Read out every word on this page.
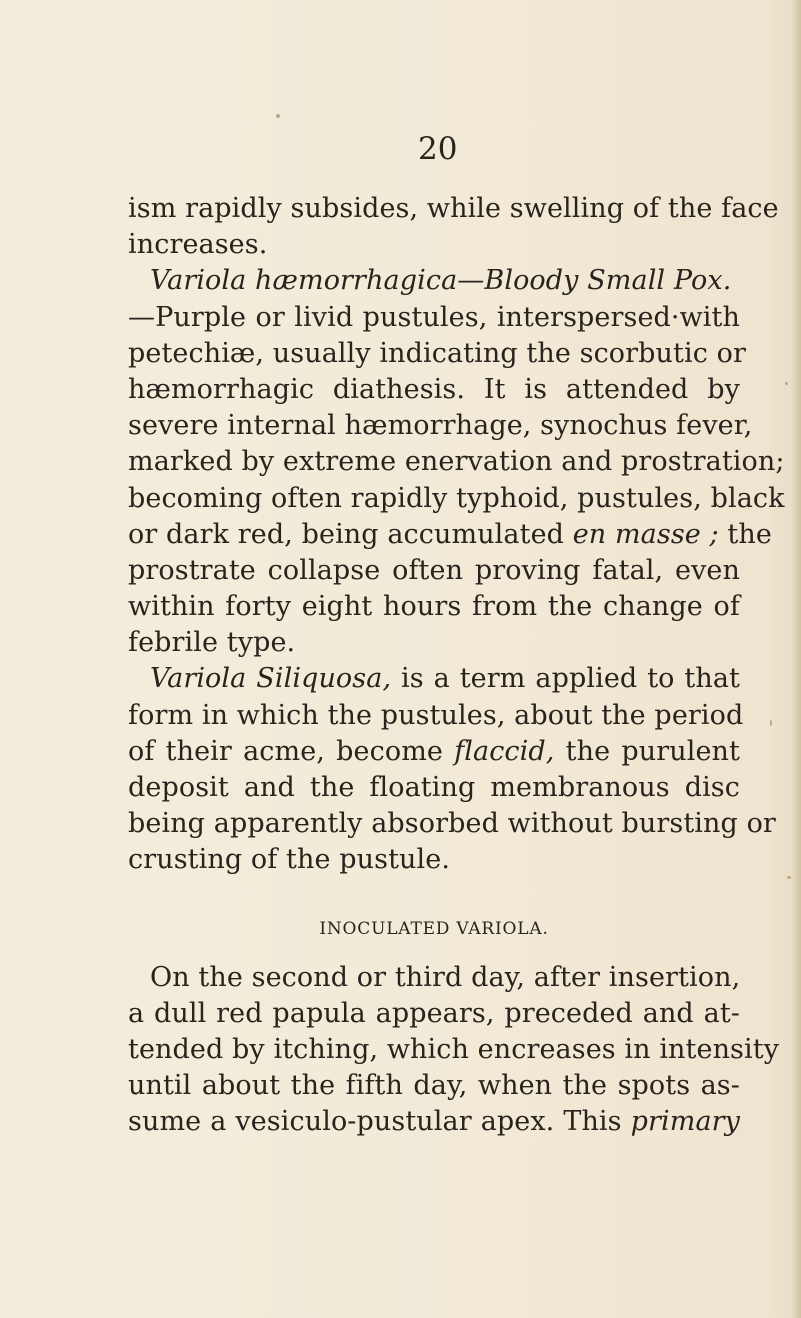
20
ism rapidly subsides, while swelling of the face
increases.
Variola hæmorrhagica—Bloody Small Pox.
—Purple or livid pustules, interspersed·with
petechiæ, usually indicating the scorbutic or
hæmorrhagic diathesis. It is attended by
severe internal hæmorrhage, synochus fever,
marked by extreme enervation and prostration;
becoming often rapidly typhoid, pustules, black
or dark red, being accumulated en masse ; the
prostrate collapse often proving fatal, even
within forty eight hours from the change of
febrile type.
Variola Siliquosa, is a term applied to that
form in which the pustules, about the period
of their acme, become flaccid, the purulent
deposit and the floating membranous disc
being apparently absorbed without bursting or
crusting of the pustule.
INOCULATED VARIOLA.
On the second or third day, after insertion,
a dull red papula appears, preceded and at-
tended by itching, which encreases in intensity
until about the fifth day, when the spots as-
sume a vesiculo-pustular apex. This primary
